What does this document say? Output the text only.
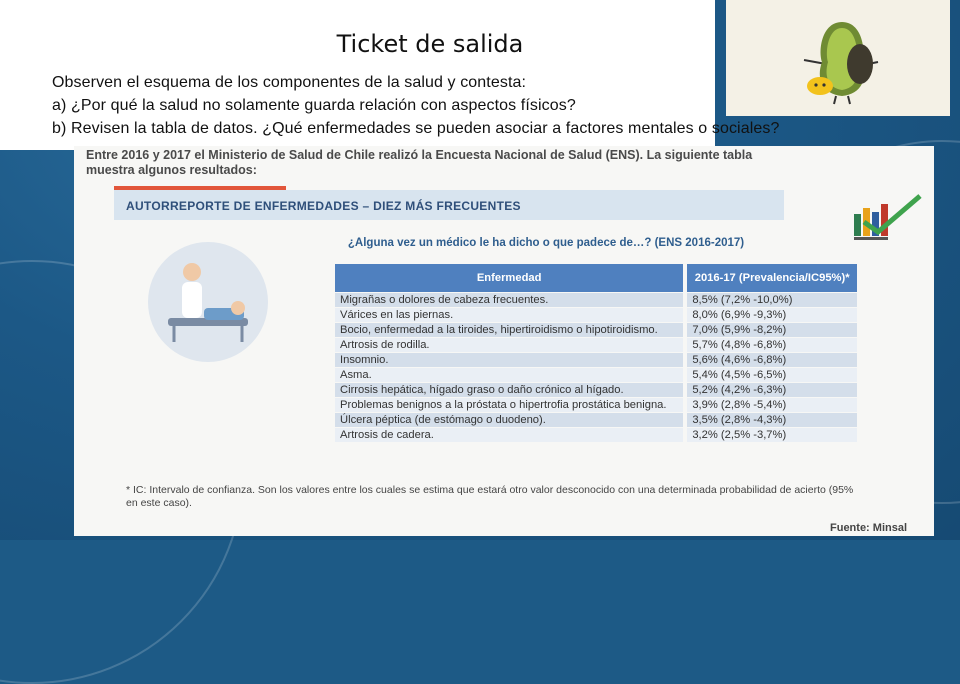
Ticket de salida
Observen el esquema de los componentes de la salud y contesta:
a) ¿Por qué la salud no solamente guarda relación con aspectos físicos?
b) Revisen la tabla de datos. ¿Qué enfermedades se pueden asociar a factores mentales o sociales?
Entre 2016 y 2017 el Ministerio de Salud de Chile realizó la Encuesta Nacional de Salud (ENS). La siguiente tabla muestra algunos resultados:
AUTORREPORTE DE ENFERMEDADES – DIEZ MÁS FRECUENTES
¿Alguna vez un médico le ha dicho o que padece de…? (ENS 2016-2017)
Enfermedad	2016-17 (Prevalencia/IC95%)*
Migrañas o dolores de cabeza frecuentes.	8,5% (7,2% -10,0%)
Várices en las piernas.	8,0% (6,9% -9,3%)
Bocio, enfermedad a la tiroides, hipertiroidismo o hipotiroidismo.	7,0% (5,9% -8,2%)
Artrosis de rodilla.	5,7% (4,8% -6,8%)
Insomnio.	5,6% (4,6% -6,8%)
Asma.	5,4% (4,5% -6,5%)
Cirrosis hepática, hígado graso o daño crónico al hígado.	5,2% (4,2% -6,3%)
Problemas benignos a la próstata o hipertrofia prostática benigna.	3,9% (2,8% -5,4%)
Úlcera péptica (de estómago o duodeno).	3,5% (2,8% -4,3%)
Artrosis de cadera.	3,2% (2,5% -3,7%)
* IC: Intervalo de confianza. Son los valores entre los cuales se estima que estará otro valor desconocido con una determinada probabilidad de acierto (95% en este caso).
Fuente: Minsal
